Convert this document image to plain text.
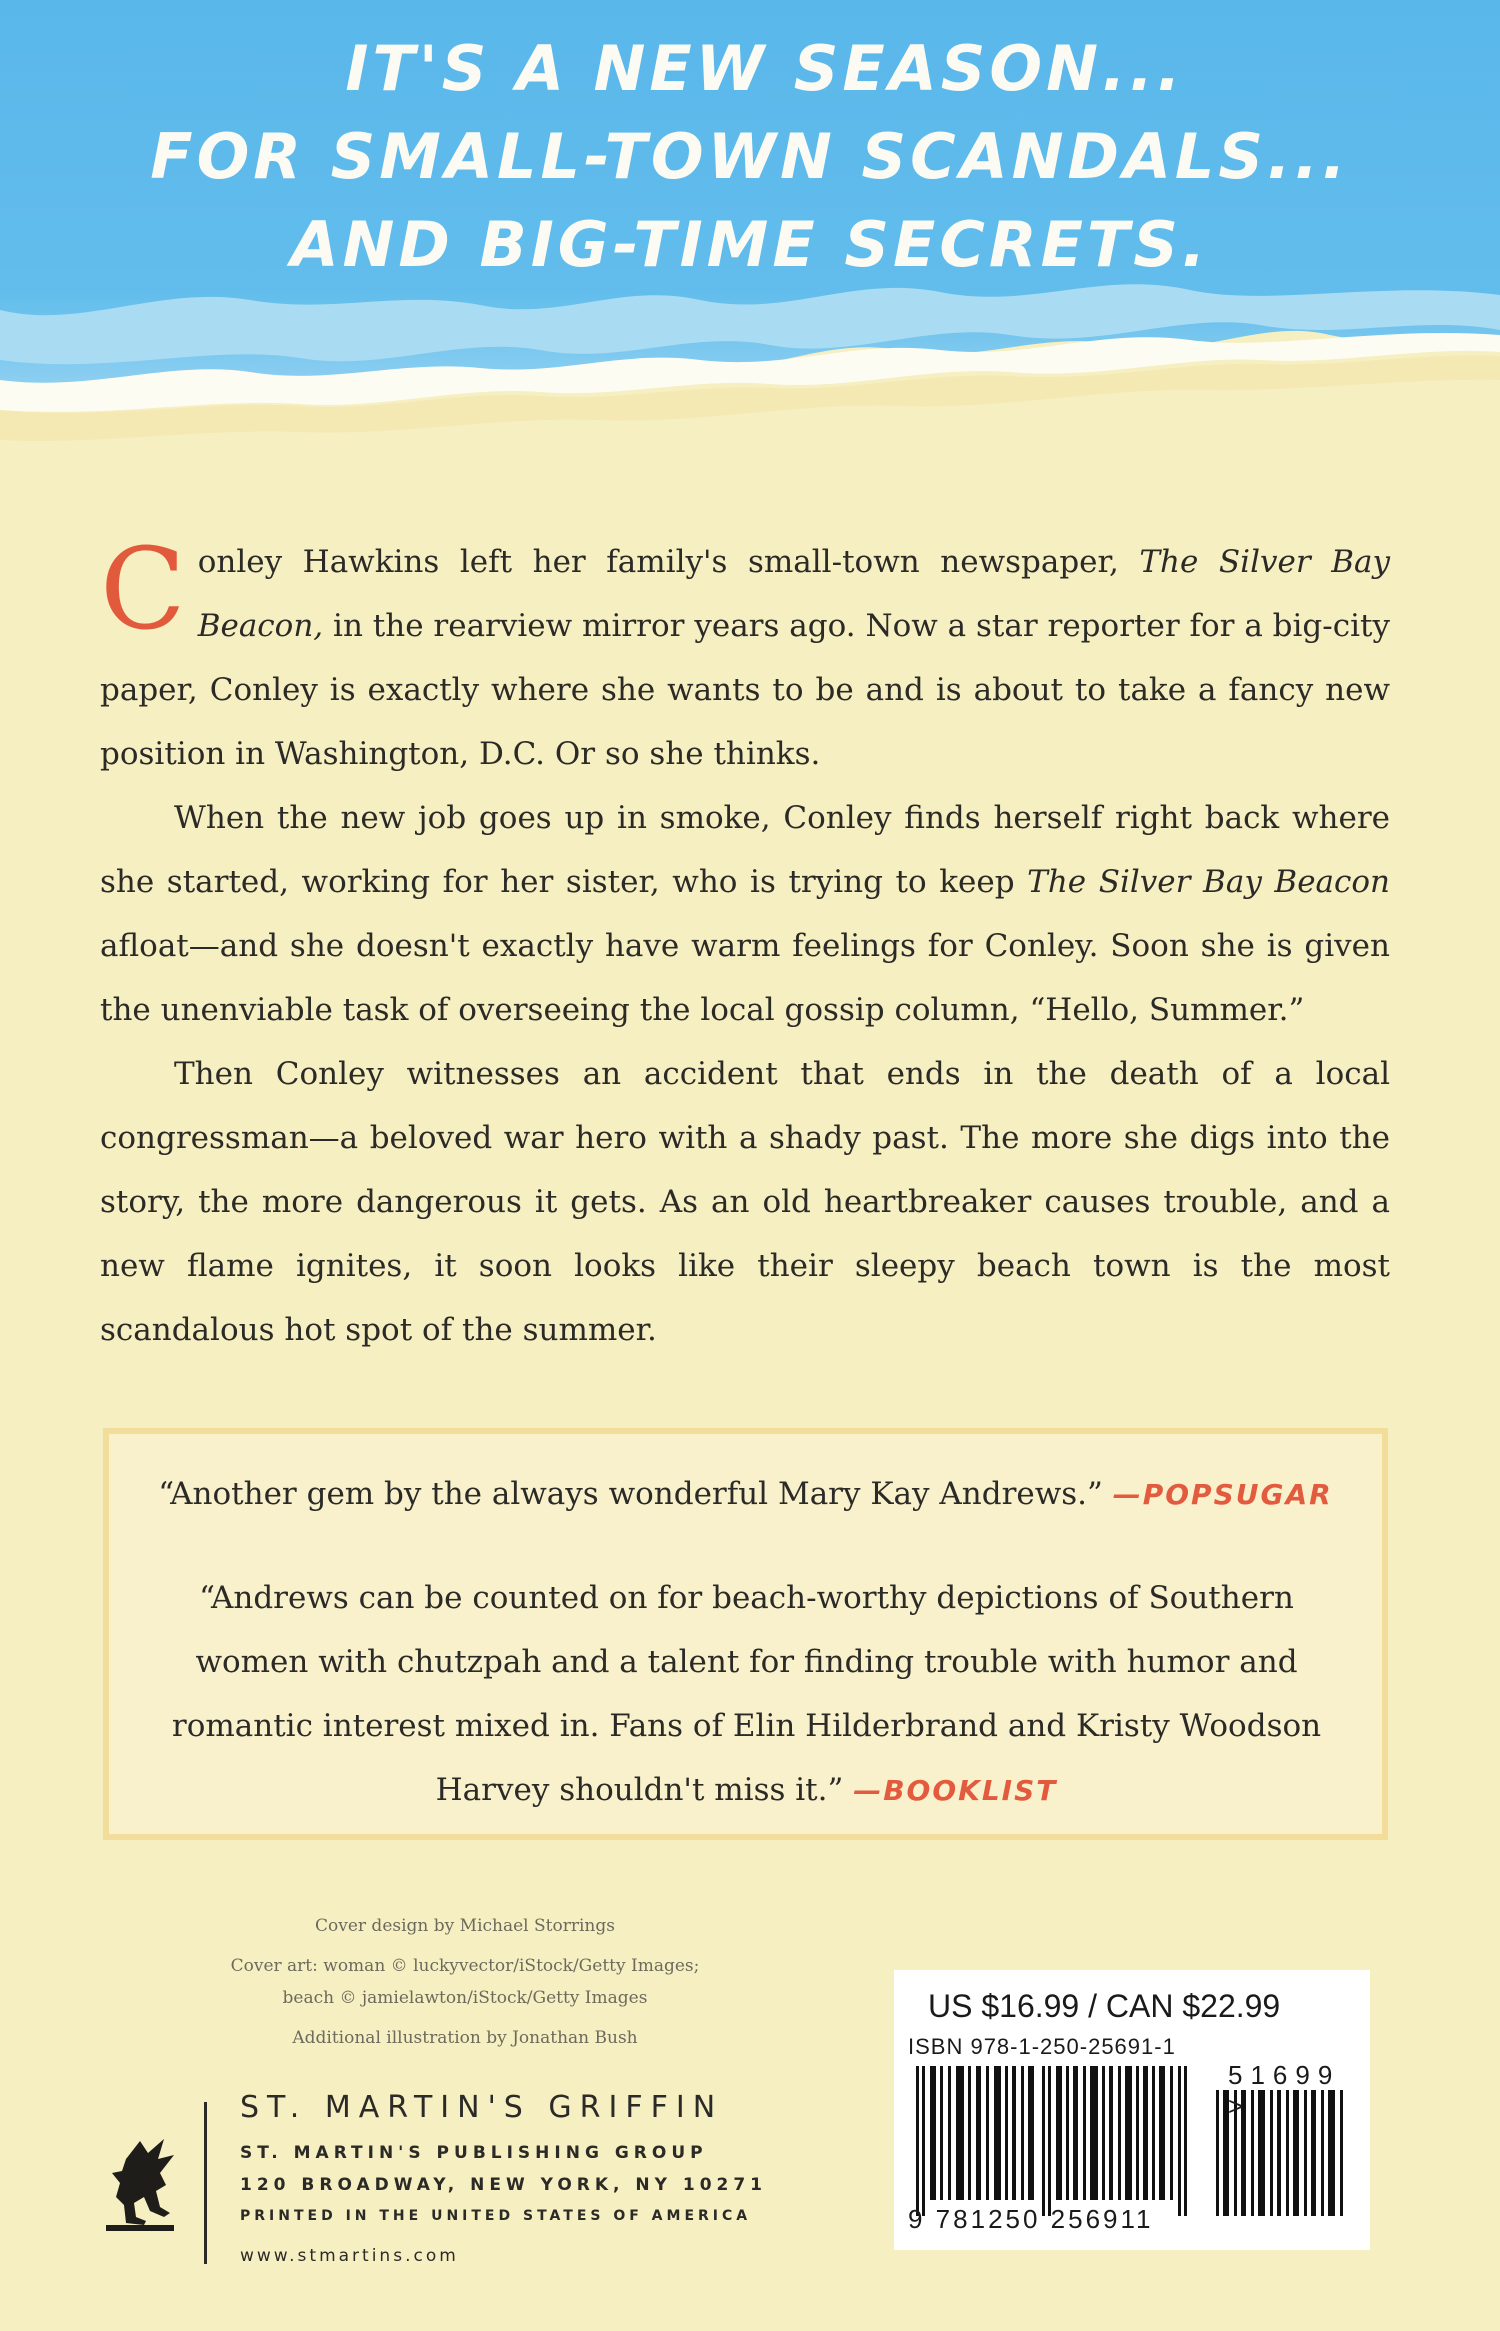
IT'S A NEW SEASON...
FOR SMALL-TOWN SCANDALS...
AND BIG-TIME SECRETS.

Conley Hawkins left her family's small-town newspaper, The Silver Bay Beacon, in the rearview mirror years ago. Now a star reporter for a big-city paper, Conley is exactly where she wants to be and is about to take a fancy new position in Washington, D.C. Or so she thinks.

When the new job goes up in smoke, Conley finds herself right back where she started, working for her sister, who is trying to keep The Silver Bay Beacon afloat—and she doesn't exactly have warm feelings for Conley. Soon she is given the unenviable task of overseeing the local gossip column, “Hello, Summer.”

Then Conley witnesses an accident that ends in the death of a local congressman—a beloved war hero with a shady past. The more she digs into the story, the more dangerous it gets. As an old heartbreaker causes trouble, and a new flame ignites, it soon looks like their sleepy beach town is the most scandalous hot spot of the summer.

“Another gem by the always wonderful Mary Kay Andrews.” —POPSUGAR
“Andrews can be counted on for beach-worthy depictions of Southern women with chutzpah and a talent for finding trouble with humor and romantic interest mixed in. Fans of Elin Hilderbrand and Kristy Woodson Harvey shouldn't miss it.” —BOOKLIST
Cover design by Michael Storrings
Cover art: woman © luckyvector/iStock/Getty Images;
beach © jamielawton/iStock/Getty Images
Additional illustration by Jonathan Bush
ST. MARTIN'S GRIFFIN
ST. MARTIN'S PUBLISHING GROUP
120 BROADWAY, NEW YORK, NY 10271
PRINTED IN THE UNITED STATES OF AMERICA
www.stmartins.com
US $16.99 / CAN $22.99
ISBN 978-1-250-25691-1
51699 >
9 781250 256911
